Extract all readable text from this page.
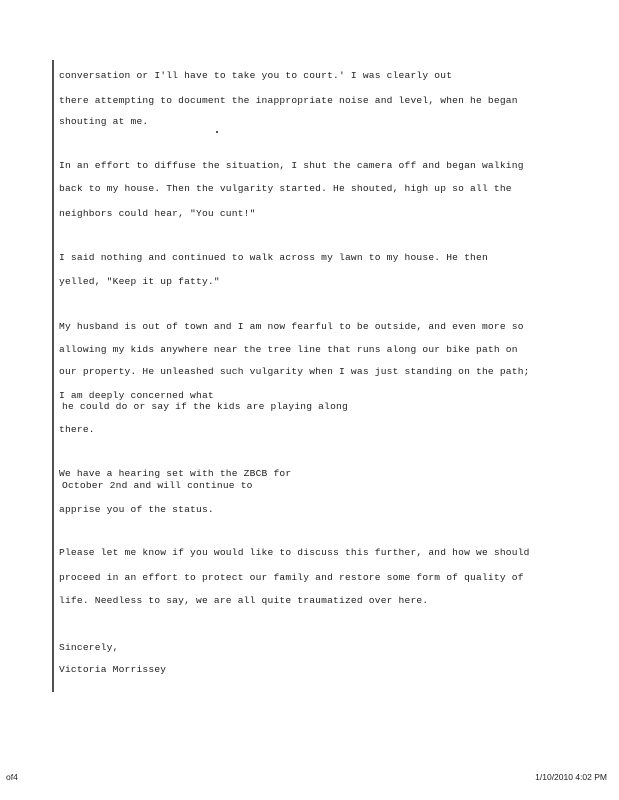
conversation or I'll have to take you to court.' I was clearly out
there attempting to document the inappropriate noise and level, when he began
shouting at me.
In an effort to diffuse the situation, I shut the camera off and began walking
back to my house. Then the vulgarity started. He shouted, high up so all the
neighbors could hear, "You cunt!"
I said nothing and continued to walk across my lawn to my house. He then
yelled, "Keep it up fatty."
My husband is out of town and I am now fearful to be outside, and even more so
allowing my kids anywhere near the tree line that runs along our bike path on
our property. He unleashed such vulgarity when I was just standing on the path;
I am deeply concerned what
he could do or say if the kids are playing along
there.
We have a hearing set with the ZBCB for
October 2nd and will continue to
apprise you of the status.
Please let me know if you would like to discuss this further, and how we should
proceed in an effort to protect our family and restore some form of quality of
life. Needless to say, we are all quite traumatized over here.
Sincerely,
Victoria Morrissey
of4	1/10/2010 4:02 PM
